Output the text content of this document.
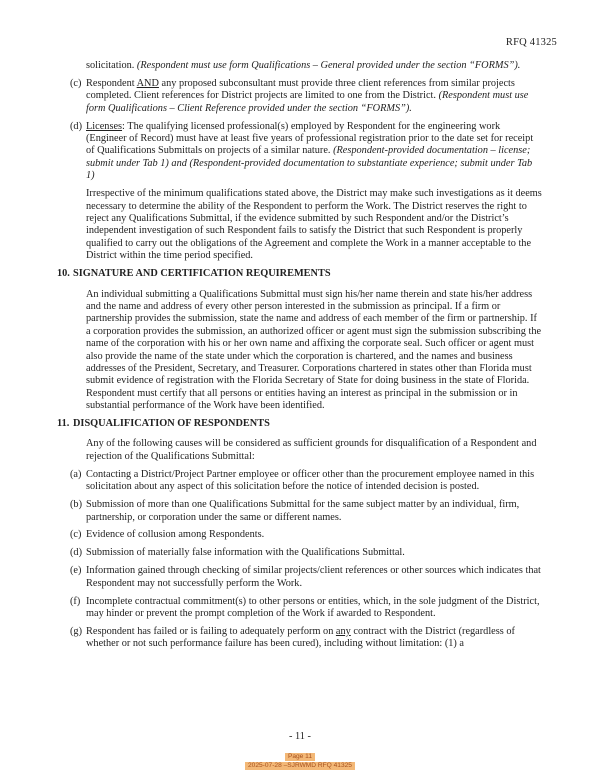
RFQ 41325

solicitation. (Respondent must use form Qualifications – General provided under the section “FORMS”).

(c) Respondent AND any proposed subconsultant must provide three client references from similar projects completed. Client references for District projects are limited to one from the District. (Respondent must use form Qualifications – Client Reference provided under the section “FORMS”).
(d) Licenses: The qualifying licensed professional(s) employed by Respondent for the engineering work (Engineer of Record) must have at least five years of professional registration prior to the date set for receipt of Qualifications Submittals on projects of a similar nature. (Respondent-provided documentation – license; submit under Tab 1) and (Respondent-provided documentation to substantiate experience; submit under Tab 1)

Irrespective of the minimum qualifications stated above, the District may make such investigations as it deems necessary to determine the ability of the Respondent to perform the Work. The District reserves the right to reject any Qualifications Submittal, if the evidence submitted by such Respondent and/or the District’s independent investigation of such Respondent fails to satisfy the District that such Respondent is properly qualified to carry out the obligations of the Agreement and complete the Work in a manner acceptable to the District within the time period specified.

10. SIGNATURE AND CERTIFICATION REQUIREMENTS

An individual submitting a Qualifications Submittal must sign his/her name therein and state his/her address and the name and address of every other person interested in the submission as principal. If a firm or partnership provides the submission, state the name and address of each member of the firm or partnership. If a corporation provides the submission, an authorized officer or agent must sign the submission subscribing the name of the corporation with his or her own name and affixing the corporate seal. Such officer or agent must also provide the name of the state under which the corporation is chartered, and the names and business addresses of the President, Secretary, and Treasurer. Corporations chartered in states other than Florida must submit evidence of registration with the Florida Secretary of State for doing business in the state of Florida. Respondent must certify that all persons or entities having an interest as principal in the submission or in substantial performance of the Work have been identified.

11. DISQUALIFICATION OF RESPONDENTS

Any of the following causes will be considered as sufficient grounds for disqualification of a Respondent and rejection of the Qualifications Submittal:

(a) Contacting a District/Project Partner employee or officer other than the procurement employee named in this solicitation about any aspect of this solicitation before the notice of intended decision is posted.
(b) Submission of more than one Qualifications Submittal for the same subject matter by an individual, firm, partnership, or corporation under the same or different names.
(c) Evidence of collusion among Respondents.
(d) Submission of materially false information with the Qualifications Submittal.
(e) Information gained through checking of similar projects/client references or other sources which indicates that Respondent may not successfully perform the Work.
(f) Incomplete contractual commitment(s) to other persons or entities, which, in the sole judgment of the District, may hinder or prevent the prompt completion of the Work if awarded to Respondent.
(g) Respondent has failed or is failing to adequately perform on any contract with the District (regardless of whether or not such performance failure has been cured), including without limitation: (1) a
- 11 -
Page 11
2025-07-28 –SJRWMD RFQ 41325
